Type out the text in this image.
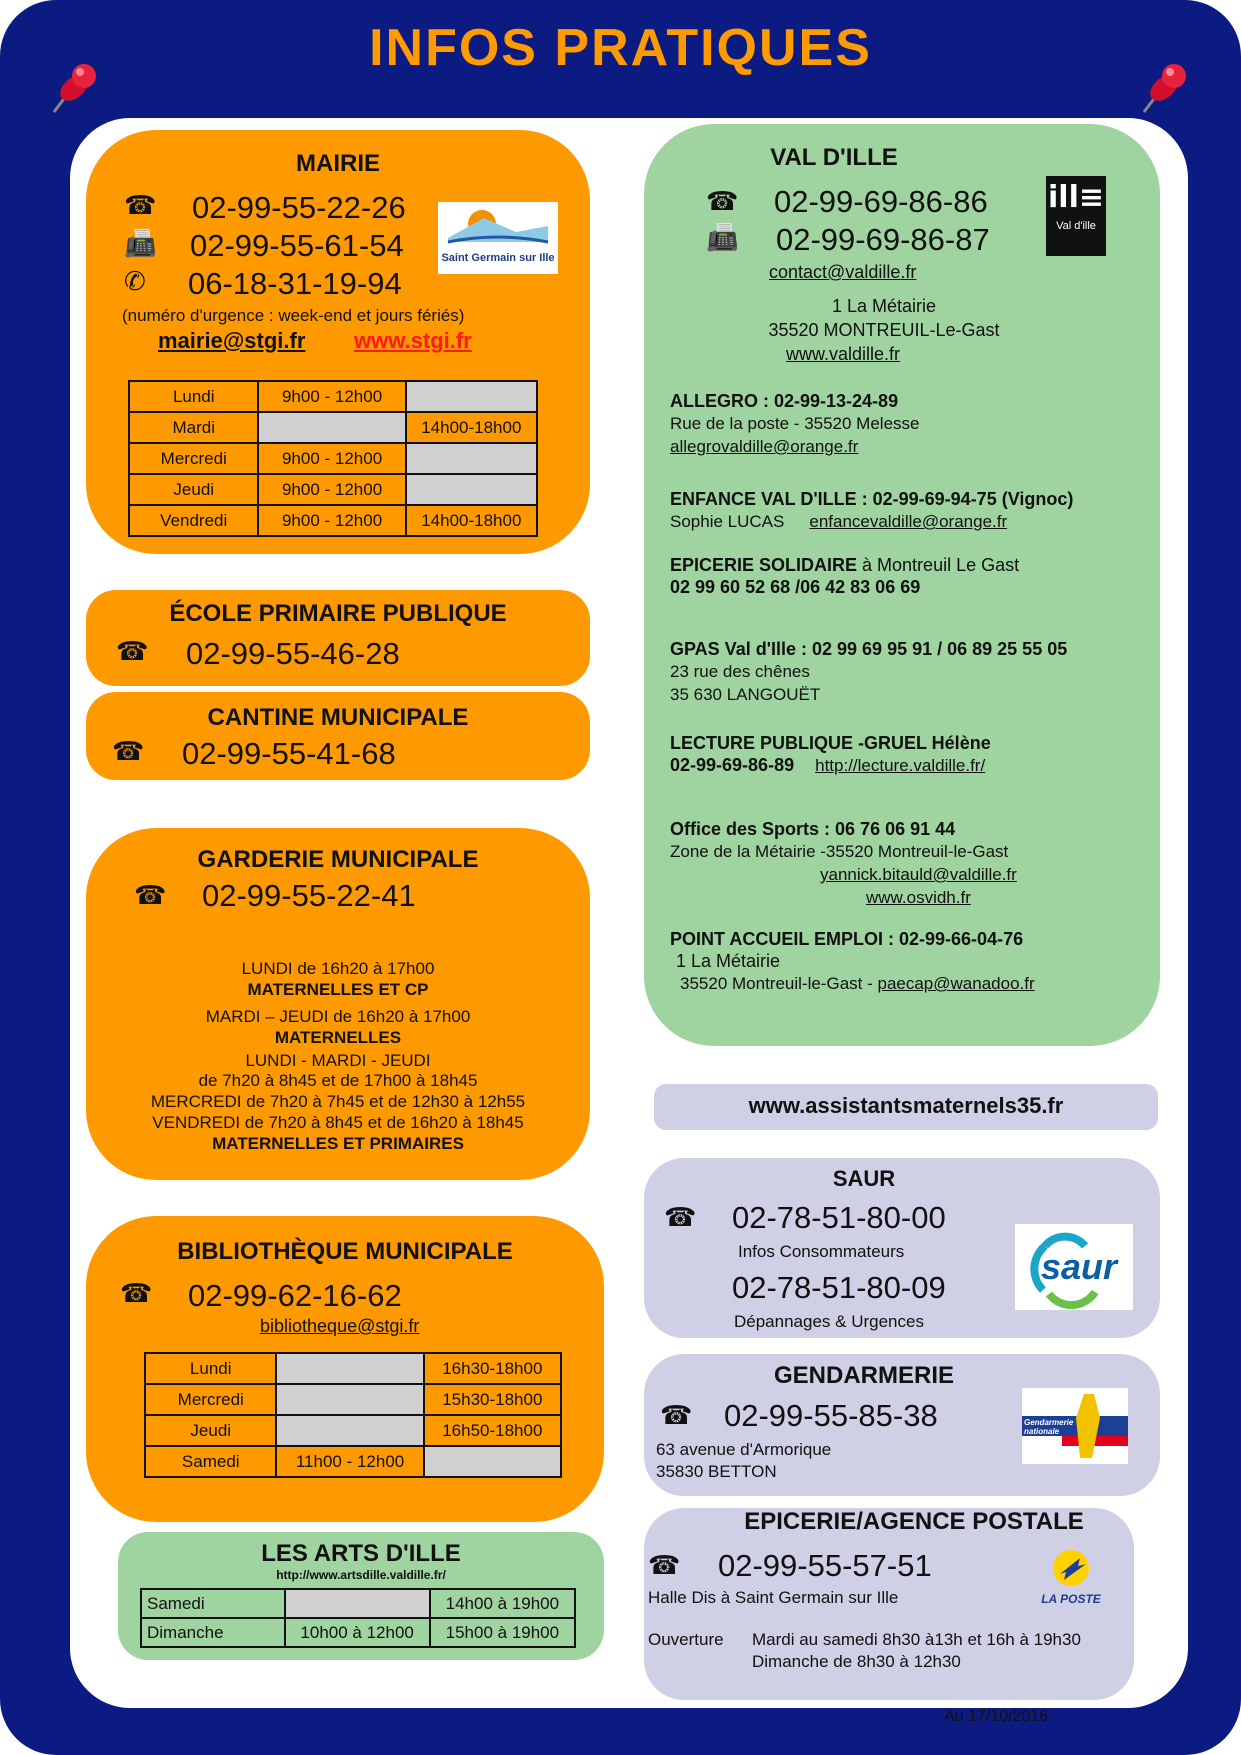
INFOS PRATIQUES
MAIRIE
☎ 02-99-55-22-26
📠 02-99-55-61-54
✆ 06-18-31-19-94
(numéro d'urgence : week-end et jours fériés)
mairie@stgi.fr www.stgi.fr
Saint Germain sur Ille
Lundi	9h00 - 12h00	
Mardi		14h00-18h00
Mercredi	9h00 - 12h00	
Jeudi	9h00 - 12h00	
Vendredi	9h00 - 12h00	14h00-18h00
ÉCOLE PRIMAIRE PUBLIQUE
☎ 02-99-55-46-28
CANTINE MUNICIPALE
☎ 02-99-55-41-68
GARDERIE MUNICIPALE
☎ 02-99-55-22-41
LUNDI de 16h20 à 17h00
MATERNELLES ET CP
MARDI – JEUDI de 16h20 à 17h00
MATERNELLES
LUNDI - MARDI - JEUDI
de 7h20 à 8h45 et de 17h00 à 18h45
MERCREDI de 7h20 à 7h45 et de 12h30 à 12h55
VENDREDI de 7h20 à 8h45 et de 16h20 à 18h45
MATERNELLES ET PRIMAIRES
BIBLIOTHÈQUE MUNICIPALE
☎ 02-99-62-16-62
bibliotheque@stgi.fr
Lundi		16h30-18h00
Mercredi		15h30-18h00
Jeudi		16h50-18h00
Samedi	11h00 - 12h00	
LES ARTS D'ILLE
http://www.artsdille.valdille.fr/
Samedi		14h00 à 19h00
Dimanche	10h00 à 12h00	15h00 à 19h00
VAL D'ILLE
☎ 02-99-69-86-86
📠 02-99-69-86-87
contact@valdille.fr
1 La Métairie
35520 MONTREUIL-Le-Gast
www.valdille.fr
ill≡
Val d'ille
ALLEGRO : 02-99-13-24-89
Rue de la poste - 35520 Melesse
allegrovaldille@orange.fr
ENFANCE VAL D'ILLE : 02-99-69-94-75 (Vignoc)
Sophie LUCAS enfancevaldille@orange.fr
EPICERIE SOLIDAIRE à Montreuil Le Gast
02 99 60 52 68 /06 42 83 06 69
GPAS Val d'Ille : 02 99 69 95 91 / 06 89 25 55 05
23 rue des chênes
35 630 LANGOUËT
LECTURE PUBLIQUE -GRUEL Hélène
02-99-69-86-89 http://lecture.valdille.fr/
Office des Sports : 06 76 06 91 44
Zone de la Métairie -35520 Montreuil-le-Gast
yannick.bitauld@valdille.fr
www.osvidh.fr
POINT ACCUEIL EMPLOI : 02-99-66-04-76
1 La Métairie
35520 Montreuil-le-Gast - paecap@wanadoo.fr
www.assistantsmaternels35.fr
SAUR
☎ 02-78-51-80-00
Infos Consommateurs
02-78-51-80-09
Dépannages & Urgences
saur
GENDARMERIE
☎ 02-99-55-85-38
63 avenue d'Armorique
35830 BETTON
Gendarmerie nationale
EPICERIE/AGENCE POSTALE
☎ 02-99-55-57-51
Halle Dis à Saint Germain sur Ille
Ouverture Mardi au samedi 8h30 à13h et 16h à 19h30
Dimanche de 8h30 à 12h30
LA POSTE
Au 17/10/2016
